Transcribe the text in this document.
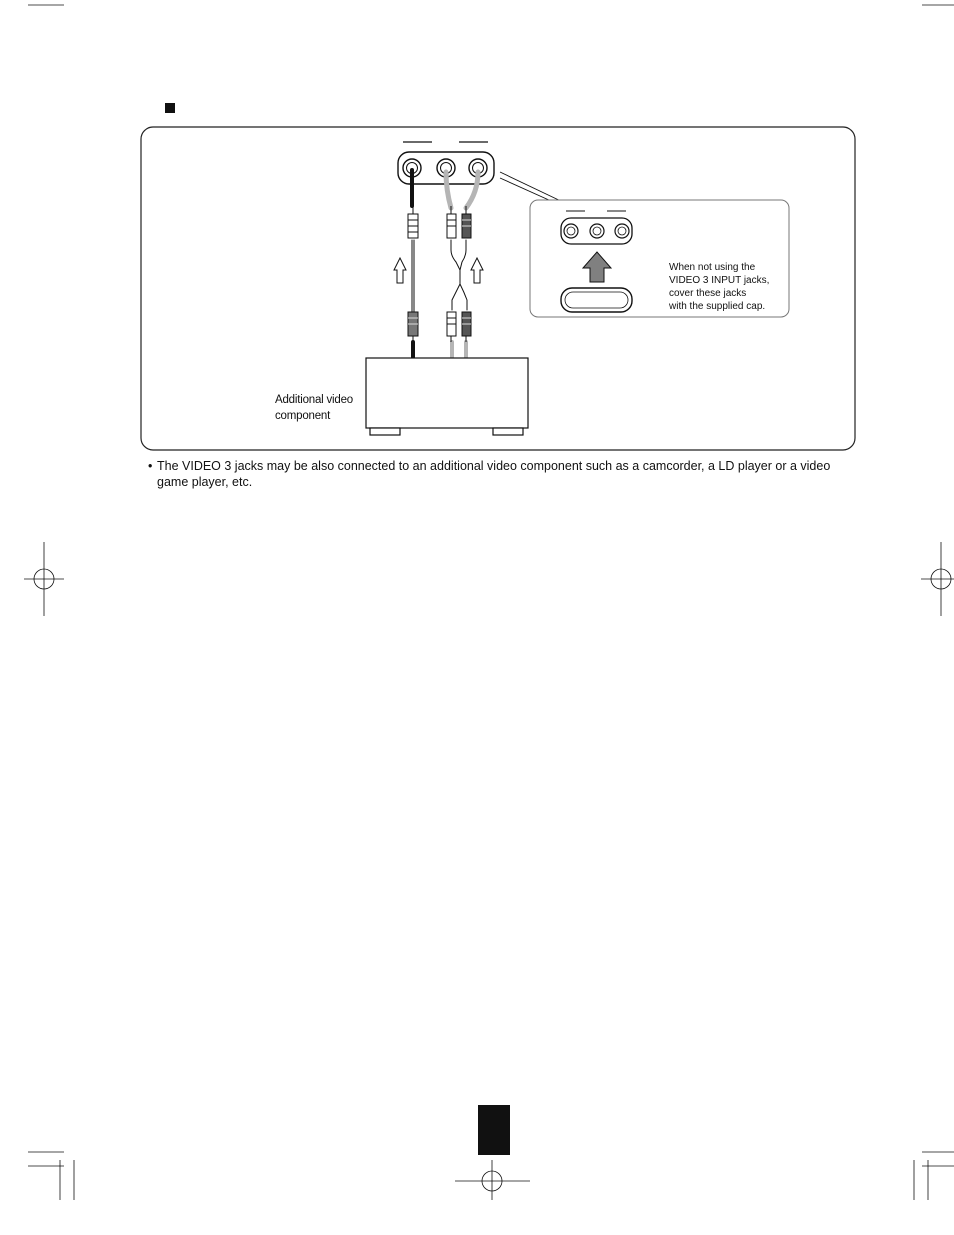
Additional video
component
When not using the
VIDEO 3 INPUT jacks,
cover these jacks
with the supplied cap.
• The VIDEO 3 jacks may be also connected to an additional video component such as a camcorder, a LD player or a video game player, etc.
